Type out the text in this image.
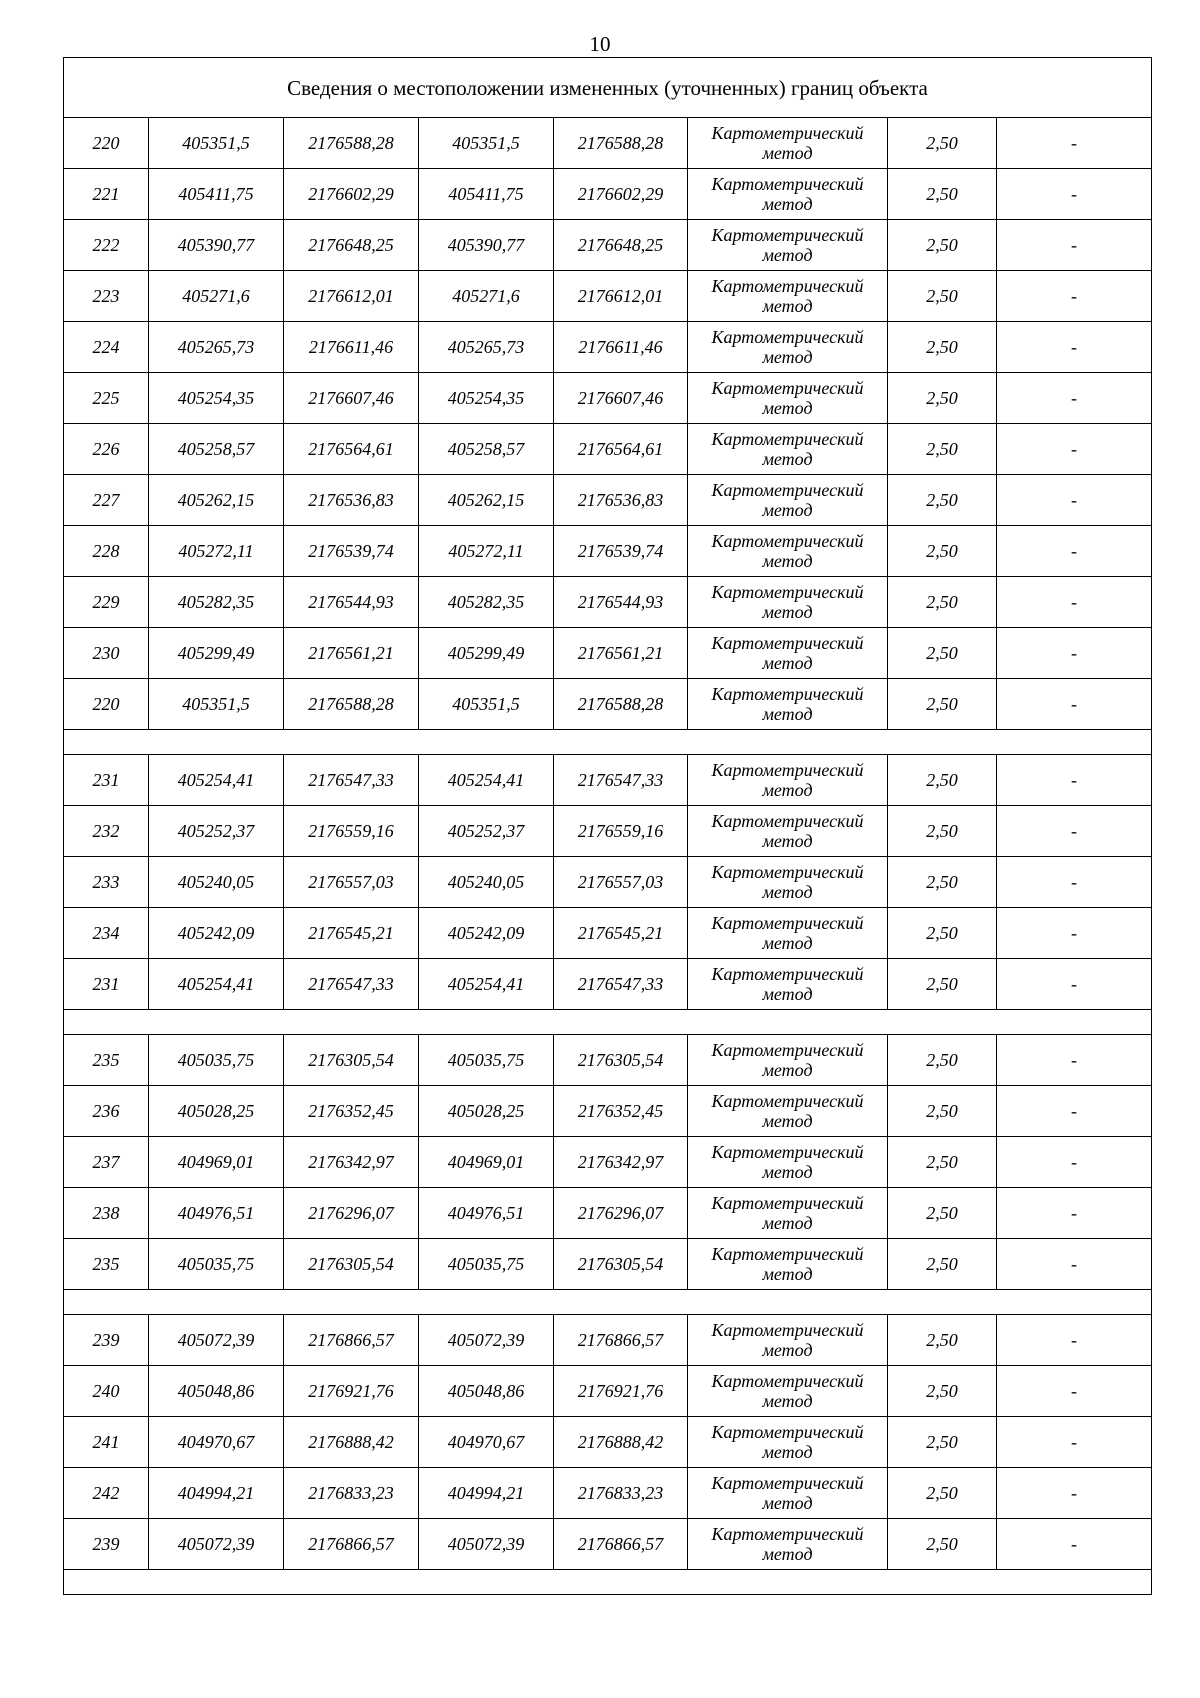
10
Сведения о местоположении измененных (уточненных) границ объекта							
220	405351,5	2176588,28	405351,5	2176588,28	Картометрический метод	2,50	-
221	405411,75	2176602,29	405411,75	2176602,29	Картометрический метод	2,50	-
222	405390,77	2176648,25	405390,77	2176648,25	Картометрический метод	2,50	-
223	405271,6	2176612,01	405271,6	2176612,01	Картометрический метод	2,50	-
224	405265,73	2176611,46	405265,73	2176611,46	Картометрический метод	2,50	-
225	405254,35	2176607,46	405254,35	2176607,46	Картометрический метод	2,50	-
226	405258,57	2176564,61	405258,57	2176564,61	Картометрический метод	2,50	-
227	405262,15	2176536,83	405262,15	2176536,83	Картометрический метод	2,50	-
228	405272,11	2176539,74	405272,11	2176539,74	Картометрический метод	2,50	-
229	405282,35	2176544,93	405282,35	2176544,93	Картометрический метод	2,50	-
230	405299,49	2176561,21	405299,49	2176561,21	Картометрический метод	2,50	-
220	405351,5	2176588,28	405351,5	2176588,28	Картометрический метод	2,50	-

231	405254,41	2176547,33	405254,41	2176547,33	Картометрический метод	2,50	-
232	405252,37	2176559,16	405252,37	2176559,16	Картометрический метод	2,50	-
233	405240,05	2176557,03	405240,05	2176557,03	Картометрический метод	2,50	-
234	405242,09	2176545,21	405242,09	2176545,21	Картометрический метод	2,50	-
231	405254,41	2176547,33	405254,41	2176547,33	Картометрический метод	2,50	-

235	405035,75	2176305,54	405035,75	2176305,54	Картометрический метод	2,50	-
236	405028,25	2176352,45	405028,25	2176352,45	Картометрический метод	2,50	-
237	404969,01	2176342,97	404969,01	2176342,97	Картометрический метод	2,50	-
238	404976,51	2176296,07	404976,51	2176296,07	Картометрический метод	2,50	-
235	405035,75	2176305,54	405035,75	2176305,54	Картометрический метод	2,50	-

239	405072,39	2176866,57	405072,39	2176866,57	Картометрический метод	2,50	-
240	405048,86	2176921,76	405048,86	2176921,76	Картометрический метод	2,50	-
241	404970,67	2176888,42	404970,67	2176888,42	Картометрический метод	2,50	-
242	404994,21	2176833,23	404994,21	2176833,23	Картометрический метод	2,50	-
239	405072,39	2176866,57	405072,39	2176866,57	Картометрический метод	2,50	-
